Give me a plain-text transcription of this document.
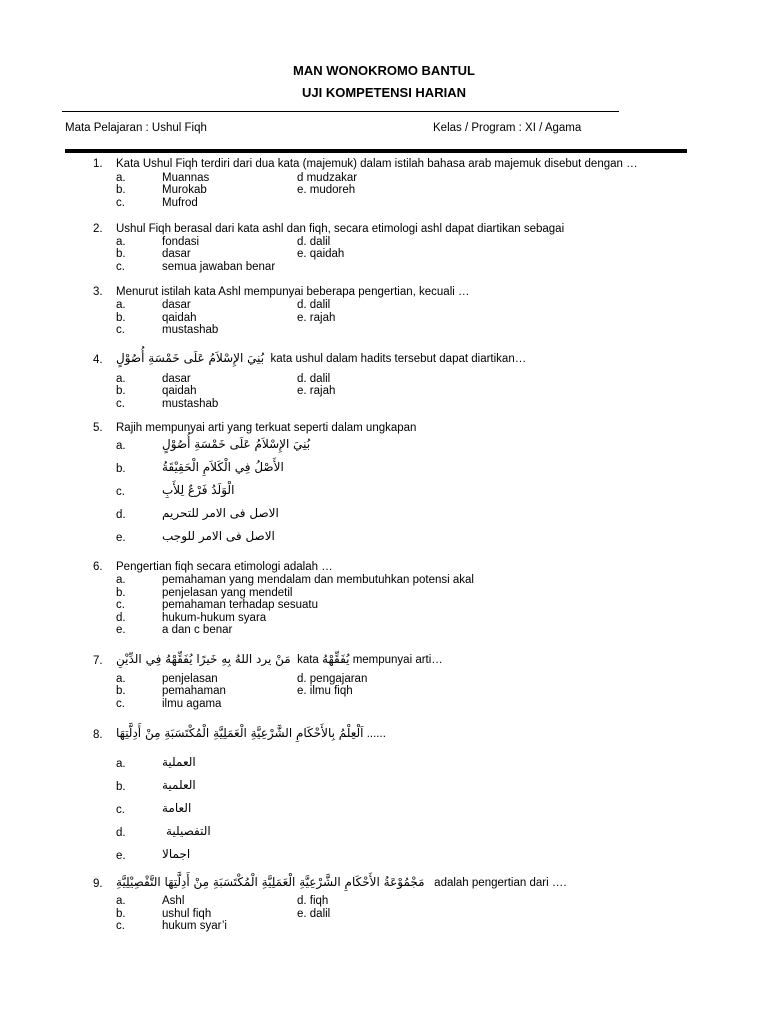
MAN WONOKROMO BANTUL
UJI KOMPETENSI HARIAN
Mata Pelajaran : Ushul Fiqh	Kelas / Program : XI / Agama
1.	Kata Ushul Fiqh terdiri dari dua kata (majemuk) dalam istilah bahasa arab majemuk disebut dengan …
a.	Muannas	d mudzakar
b.	Murokab	e. mudoreh
c.	Mufrod
2.	Ushul Fiqh berasal dari kata ashl dan fiqh, secara etimologi ashl dapat diartikan sebagai
a.	fondasi	d. dalil
b.	dasar	e. qaidah
c.	semua jawaban benar
3.	Menurut istilah kata Ashl mempunyai beberapa pengertian, kecuali …
a.	dasar	d. dalil
b.	qaidah	e. rajah
c.	mustashab
4.	بُنِيَ الإِسْلاَمُ عَلَى خَمْسَةِ أُصُوْلٍ kata ushul dalam hadits tersebut dapat diartikan…
a.	dasar	d. dalil
b.	qaidah	e. rajah
c.	mustashab
5.	Rajih mempunyai arti yang terkuat seperti dalam ungkapan
a.	بُنِيَ الإِسْلاَمُ عَلَى خَمْسَةِ أُصُوْلٍ
b.	الأَصْلُ فِي الْكَلاَمِ الْحَقِيْقَةُ
c.	الْوَلَدُ فَرْعٌ لِلأَبِ
d.	الاصل فى الامر للتحريم
e.	الاصل فى الامر للوجب
6.	Pengertian fiqh secara etimologi adalah …
a.	pemahaman yang mendalam dan membutuhkan potensi akal
b.	penjelasan yang mendetil
c.	pemahaman terhadap sesuatu
d.	hukum-hukum syara
e.	a dan c benar
7.	مَنْ يرد اللهُ بِهِ خَيرًا يُفَقِّهْهُ فِي الدِّيْنِ kata يُفَقِّهْهُ mempunyai arti…
a.	penjelasan	d. pengajaran
b.	pemahaman	e. ilmu fiqh
c.	ilmu agama
8.	اَلْعِلْمُ بِالأَحْكَامِ الشَّرْعِيَّةِ الْعَمَلِيَّةِ الْمُكْتَسَبَةِ مِنْ أَدِلَّتِهَا ......
a.	العملية
b.	العلمية
c.	العامة
d.	التفصيلية
e.	اجمالا
9.	مَجْمُوْعَةُ الأَحْكَامِ الشَّرْعِيَّةِ الْعَمَلِيَّةِ الْمُكْتَسَبَةِ مِنْ أَدِلَّتِهَا التَّفْصِيْلِيَّةِ adalah pengertian dari ….
a.	Ashl	d. fiqh
b.	ushul fiqh	e. dalil
c.	hukum syar’i
